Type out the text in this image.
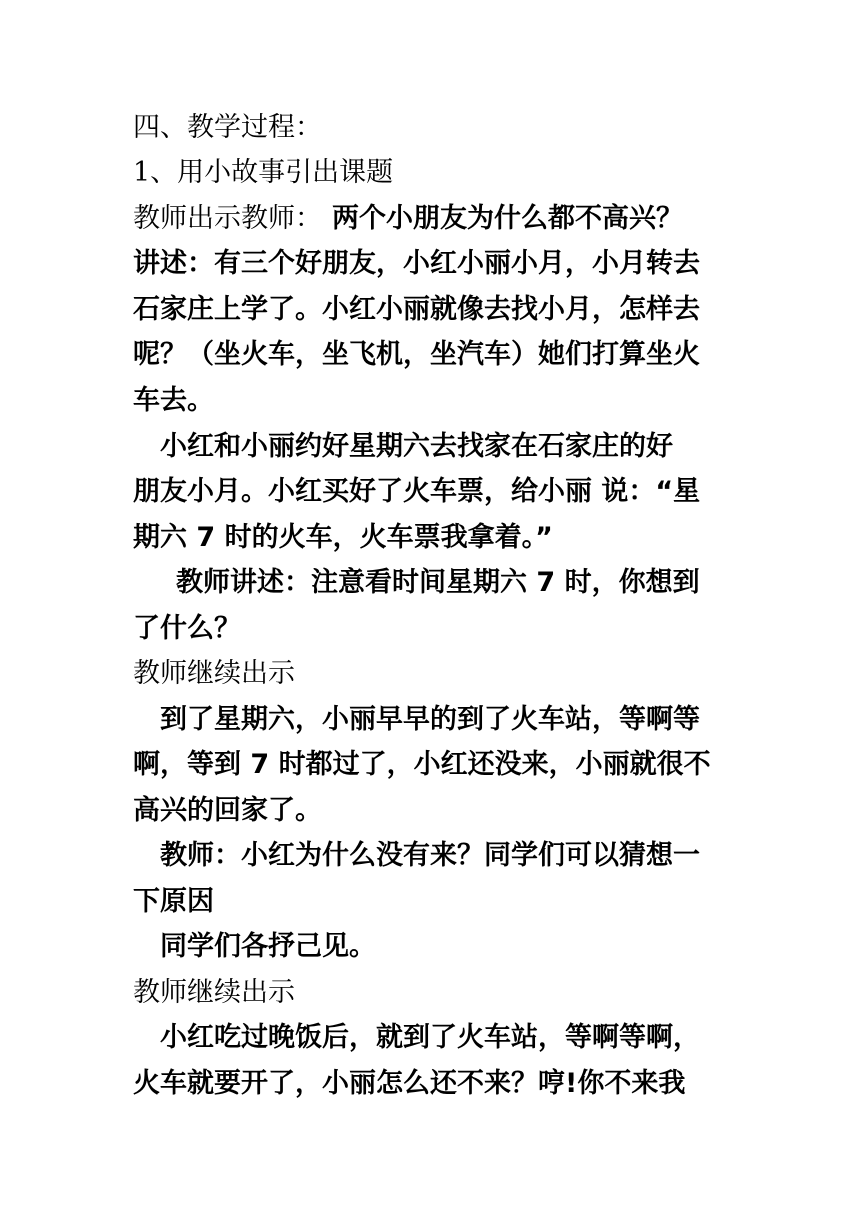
四、教学过程：
1、用小故事引出课题
教师出示教师： 两个小朋友为什么都不高兴？
讲述：有三个好朋友，小红小丽小月，小月转去
石家庄上学了。小红小丽就像去找小月，怎样去
呢？（坐火车，坐飞机，坐汽车）她们打算坐火
车去。
小红和小丽约好星期六去找家在石家庄的好
朋友小月。小红买好了火车票，给小丽 说：“星
期六 7 时的火车，火车票我拿着。”
教师讲述：注意看时间星期六 7 时，你想到
了什么？
教师继续出示
到了星期六，小丽早早的到了火车站，等啊等
啊，等到 7 时都过了，小红还没来，小丽就很不
高兴的回家了。
教师：小红为什么没有来？同学们可以猜想一
下原因
同学们各抒己见。
教师继续出示
小红吃过晚饭后，就到了火车站，等啊等啊，
火车就要开了，小丽怎么还不来？哼!你不来我
